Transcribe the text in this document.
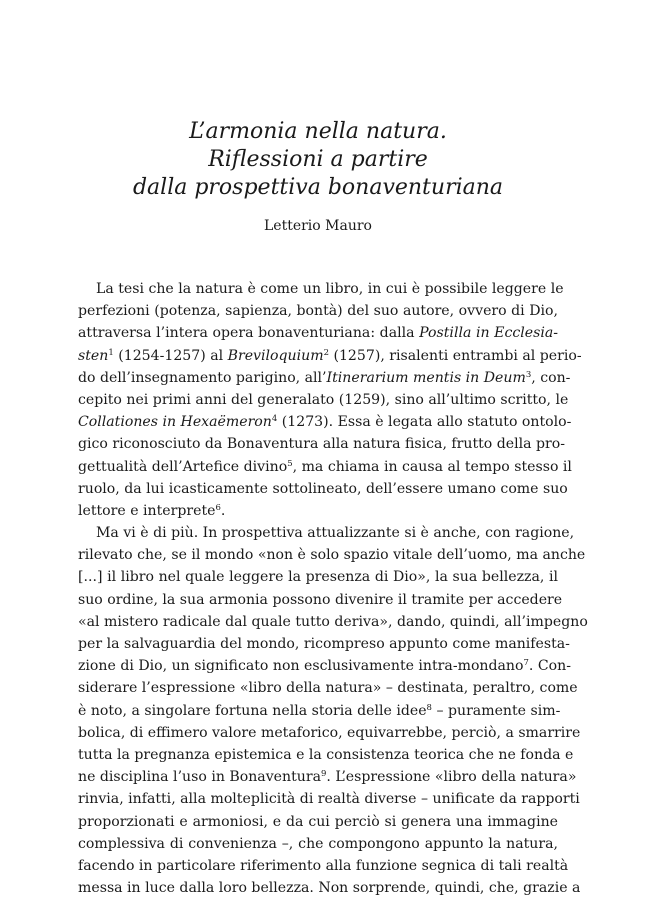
L’armonia nella natura.
Riflessioni a partire
dalla prospettiva bonaventuriana
Letterio Mauro
La tesi che la natura è come un libro, in cui è possibile leggere le
perfezioni (potenza, sapienza, bontà) del suo autore, ovvero di Dio,
attraversa l’intera opera bonaventuriana: dalla Postilla in Ecclesia-
sten$^1$ (1254-1257) al Breviloquium$^2$ (1257), risalenti entrambi al perio-
do dell’insegnamento parigino, all’Itinerarium mentis in Deum$^3$, con-
cepito nei primi anni del generalato (1259), sino all’ultimo scritto, le
Collationes in Hexaëmeron$^4$ (1273). Essa è legata allo statuto ontolo-
gico riconosciuto da Bonaventura alla natura fisica, frutto della pro-
gettualità dell’Artefice divino$^5$, ma chiama in causa al tempo stesso il
ruolo, da lui icasticamente sottolineato, dell’essere umano come suo
lettore e interprete$^6$.
Ma vi è di più. In prospettiva attualizzante si è anche, con ragione,
rilevato che, se il mondo «non è solo spazio vitale dell’uomo, ma anche
[...] il libro nel quale leggere la presenza di Dio», la sua bellezza, il
suo ordine, la sua armonia possono divenire il tramite per accedere
«al mistero radicale dal quale tutto deriva», dando, quindi, all’impegno
per la salvaguardia del mondo, ricompreso appunto come manifesta-
zione di Dio, un significato non esclusivamente intra-mondano$^7$. Con-
siderare l’espressione «libro della natura» – destinata, peraltro, come
è noto, a singolare fortuna nella storia delle idee$^8$ – puramente sim-
bolica, di effimero valore metaforico, equivarrebbe, perciò, a smarrire
tutta la pregnanza epistemica e la consistenza teorica che ne fonda e
ne disciplina l’uso in Bonaventura$^9$. L’espressione «libro della natura»
rinvia, infatti, alla molteplicità di realtà diverse – unificate da rapporti
proporzionati e armoniosi, e da cui perciò si genera una immagine
complessiva di convenienza –, che compongono appunto la natura,
facendo in particolare riferimento alla funzione segnica di tali realtà
messa in luce dalla loro bellezza. Non sorprende, quindi, che, grazie a
